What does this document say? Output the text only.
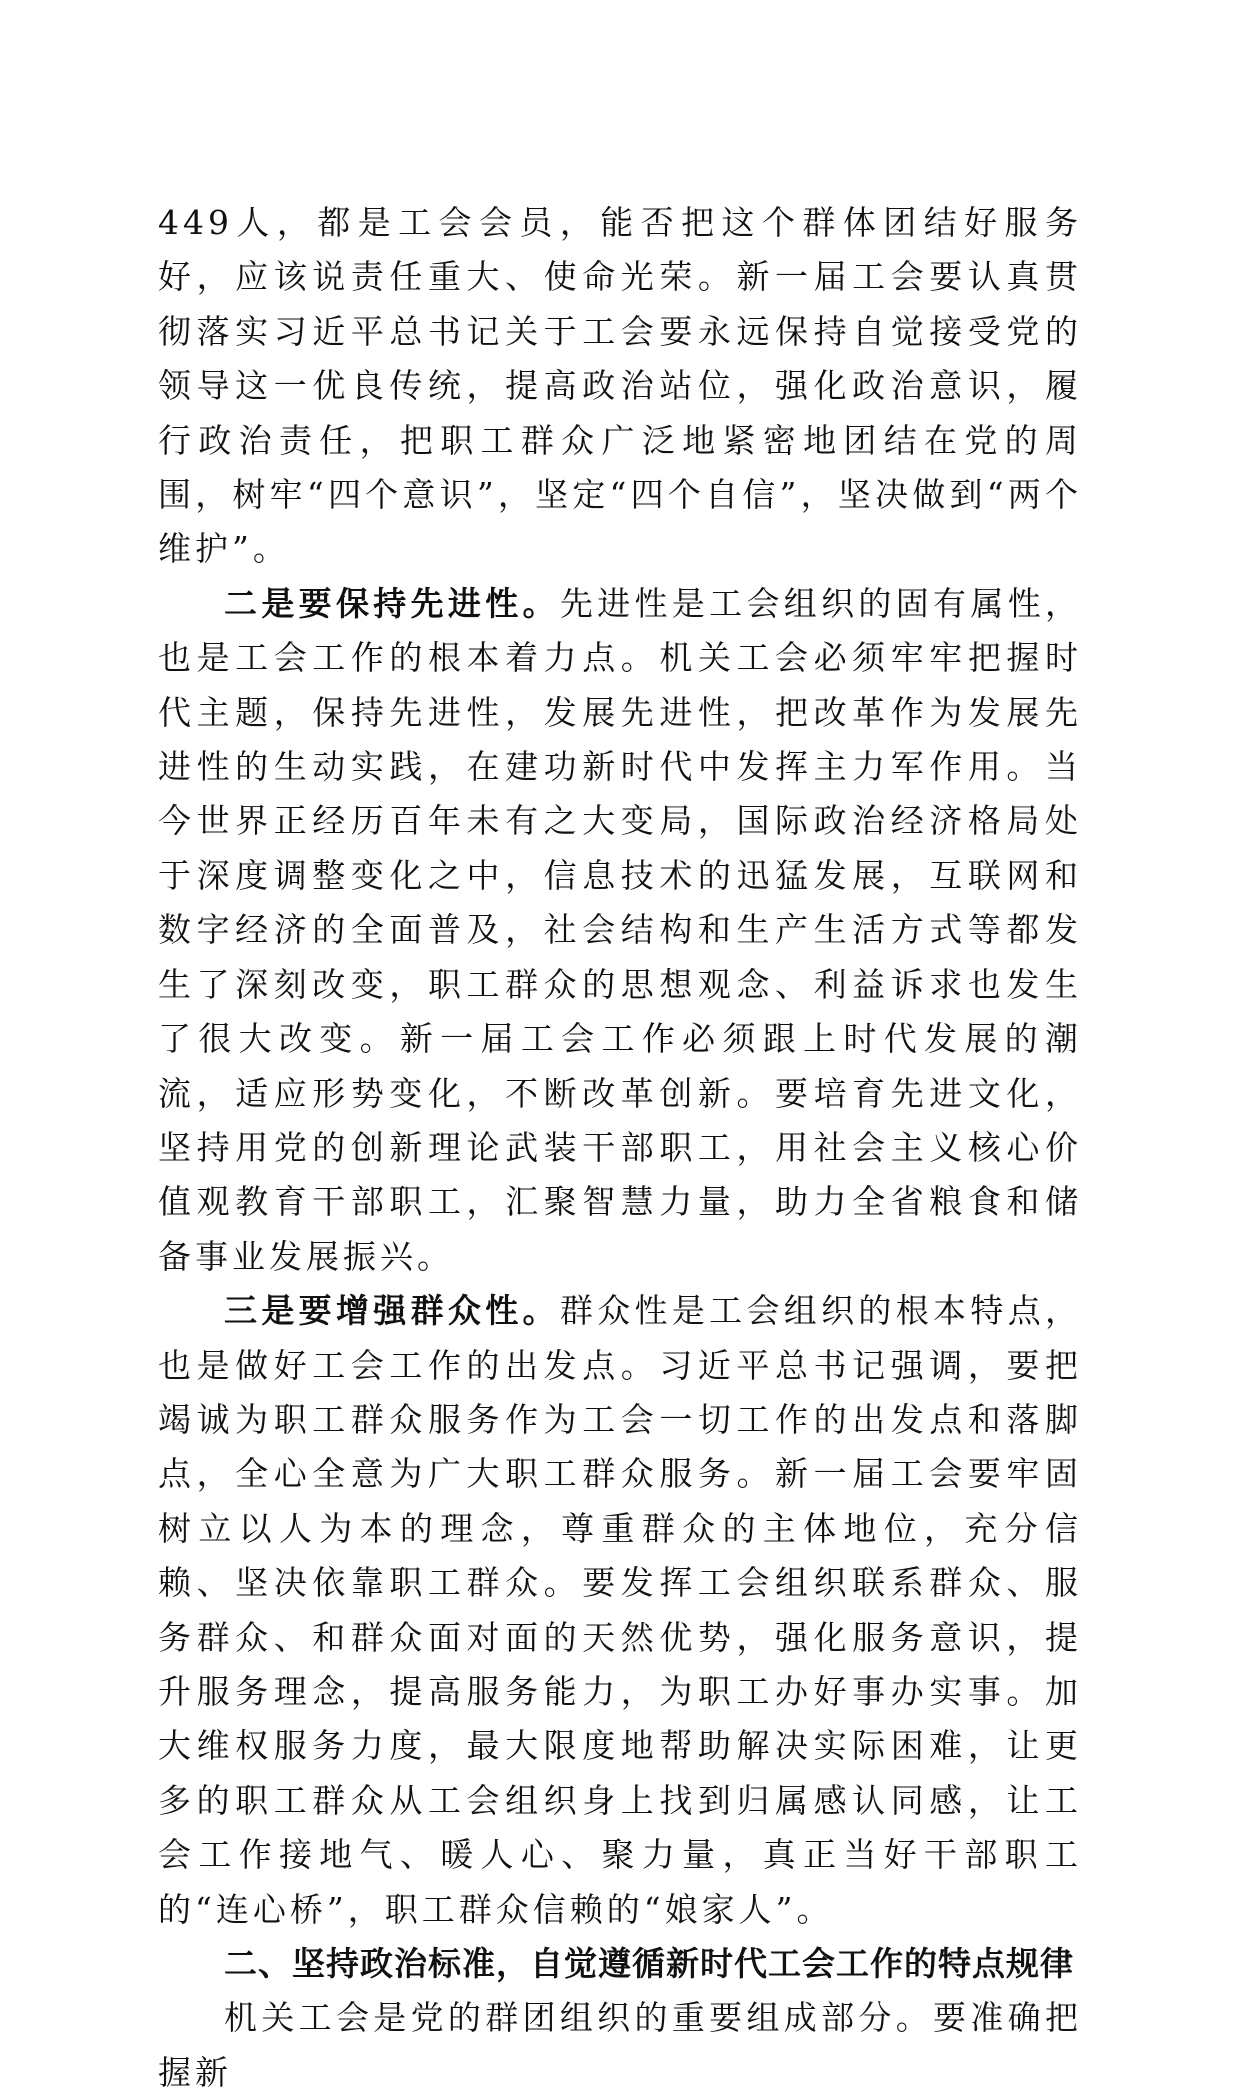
449人，都是工会会员，能否把这个群体团结好服务好，应该说责任重大、使命光荣。新一届工会要认真贯彻落实习近平总书记关于工会要永远保持自觉接受党的领导这一优良传统，提高政治站位，强化政治意识，履行政治责任，把职工群众广泛地紧密地团结在党的周围，树牢“四个意识”，坚定“四个自信”，坚决做到“两个维护”。

二是要保持先进性。先进性是工会组织的固有属性，也是工会工作的根本着力点。机关工会必须牢牢把握时代主题，保持先进性，发展先进性，把改革作为发展先进性的生动实践，在建功新时代中发挥主力军作用。当今世界正经历百年未有之大变局，国际政治经济格局处于深度调整变化之中，信息技术的迅猛发展，互联网和数字经济的全面普及，社会结构和生产生活方式等都发生了深刻改变，职工群众的思想观念、利益诉求也发生了很大改变。新一届工会工作必须跟上时代发展的潮流，适应形势变化，不断改革创新。要培育先进文化，坚持用党的创新理论武装干部职工，用社会主义核心价值观教育干部职工，汇聚智慧力量，助力全省粮食和储备事业发展振兴。

三是要增强群众性。群众性是工会组织的根本特点，也是做好工会工作的出发点。习近平总书记强调，要把竭诚为职工群众服务作为工会一切工作的出发点和落脚点，全心全意为广大职工群众服务。新一届工会要牢固树立以人为本的理念，尊重群众的主体地位，充分信赖、坚决依靠职工群众。要发挥工会组织联系群众、服务群众、和群众面对面的天然优势，强化服务意识，提升服务理念，提高服务能力，为职工办好事办实事。加大维权服务力度，最大限度地帮助解决实际困难，让更多的职工群众从工会组织身上找到归属感认同感，让工会工作接地气、暖人心、聚力量，真正当好干部职工的“连心桥”，职工群众信赖的“娘家人”。

二、坚持政治标准，自觉遵循新时代工会工作的特点规律

机关工会是党的群团组织的重要组成部分。要准确把握新
